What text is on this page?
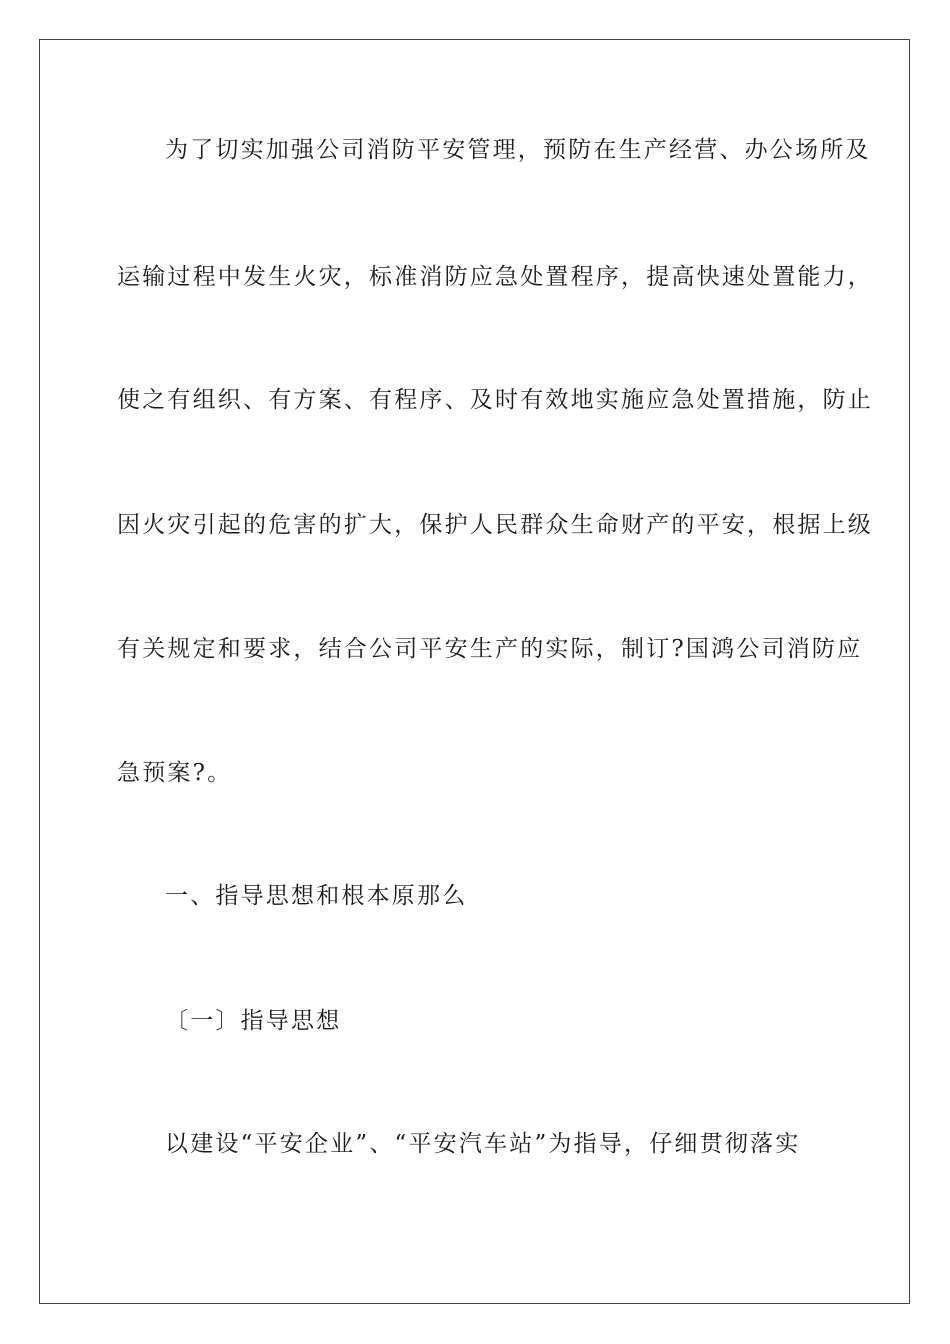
为了切实加强公司消防平安管理，预防在生产经营、办公场所及
运输过程中发生火灾，标准消防应急处置程序，提高快速处置能力，
使之有组织、有方案、有程序、及时有效地实施应急处置措施，防止
因火灾引起的危害的扩大，保护人民群众生命财产的平安，根据上级
有关规定和要求，结合公司平安生产的实际，制订?国鸿公司消防应
急预案?。
一、指导思想和根本原那么
〔一〕指导思想
以建设“平安企业”、“平安汽车站”为指导，仔细贯彻落实
